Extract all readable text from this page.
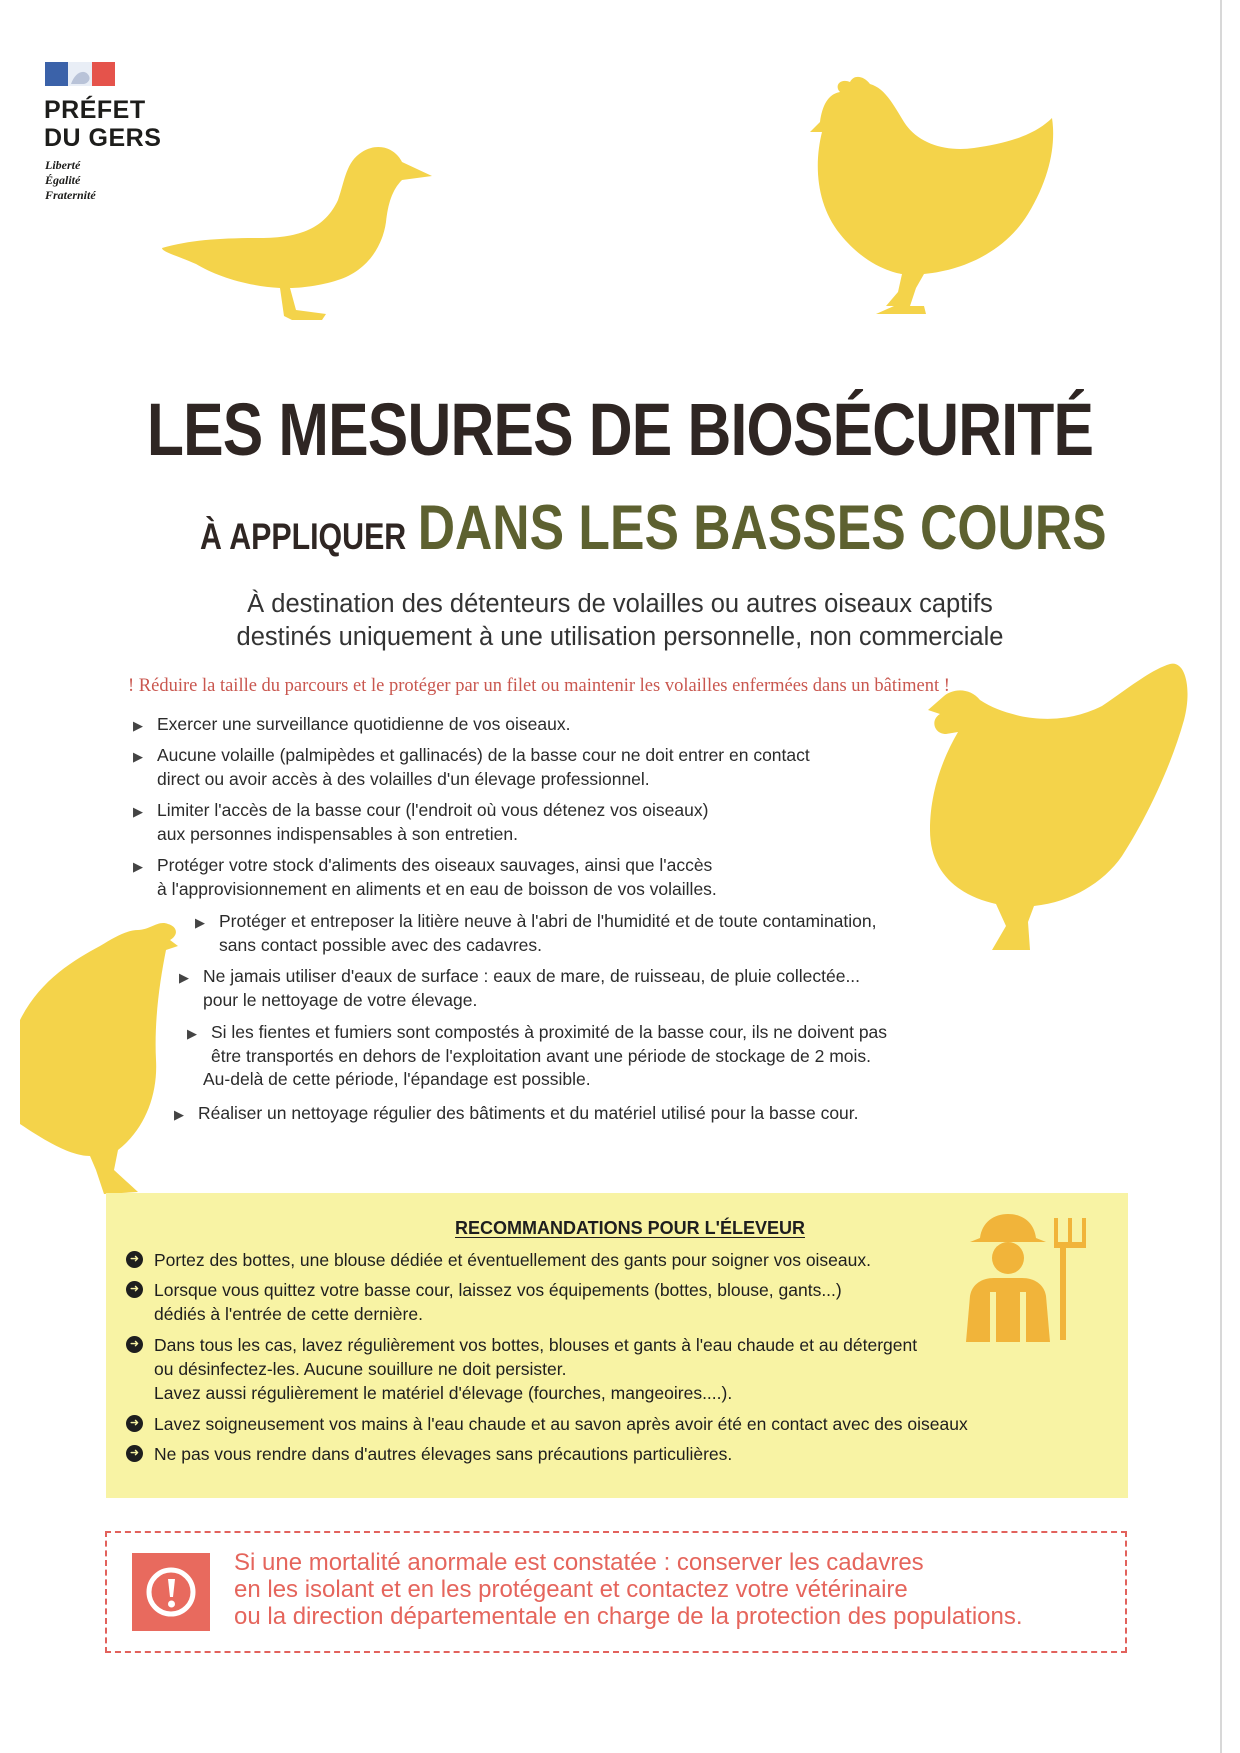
PRÉFET
DU GERS
Liberté
Égalité
Fraternité
LES MESURES DE BIOSÉCURITÉ
À APPLIQUER DANS LES BASSES COURS
À destination des détenteurs de volailles ou autres oiseaux captifs
destinés uniquement à une utilisation personnelle, non commerciale
! Réduire la taille du parcours et le protéger par un filet ou maintenir les volailles enfermées dans un bâtiment !
▶ Exercer une surveillance quotidienne de vos oiseaux.
▶ Aucune volaille (palmipèdes et gallinacés) de la basse cour ne doit entrer en contact
direct ou avoir accès à des volailles d'un élevage professionnel.
▶ Limiter l'accès de la basse cour (l'endroit où vous détenez vos oiseaux)
aux personnes indispensables à son entretien.
▶ Protéger votre stock d'aliments des oiseaux sauvages, ainsi que l'accès
à l'approvisionnement en aliments et en eau de boisson de vos volailles.
▶ Protéger et entreposer la litière neuve à l'abri de l'humidité et de toute contamination,
sans contact possible avec des cadavres.
▶ Ne jamais utiliser d'eaux de surface : eaux de mare, de ruisseau, de pluie collectée...
pour le nettoyage de votre élevage.
▶ Si les fientes et fumiers sont compostés à proximité de la basse cour, ils ne doivent pas
être transportés en dehors de l'exploitation avant une période de stockage de 2 mois.
Au-delà de cette période, l'épandage est possible.
▶ Réaliser un nettoyage régulier des bâtiments et du matériel utilisé pour la basse cour.
RECOMMANDATIONS POUR L'ÉLEVEUR
➜ Portez des bottes, une blouse dédiée et éventuellement des gants pour soigner vos oiseaux.
➜ Lorsque vous quittez votre basse cour, laissez vos équipements (bottes, blouse, gants...)
dédiés à l'entrée de cette dernière.
➜ Dans tous les cas, lavez régulièrement vos bottes, blouses et gants à l'eau chaude et au détergent
ou désinfectez-les. Aucune souillure ne doit persister.
Lavez aussi régulièrement le matériel d'élevage (fourches, mangeoires....).
➜ Lavez soigneusement vos mains à l'eau chaude et au savon après avoir été en contact avec des oiseaux
➜ Ne pas vous rendre dans d'autres élevages sans précautions particulières.
Si une mortalité anormale est constatée : conserver les cadavres
en les isolant et en les protégeant et contactez votre vétérinaire
ou la direction départementale en charge de la protection des populations.
